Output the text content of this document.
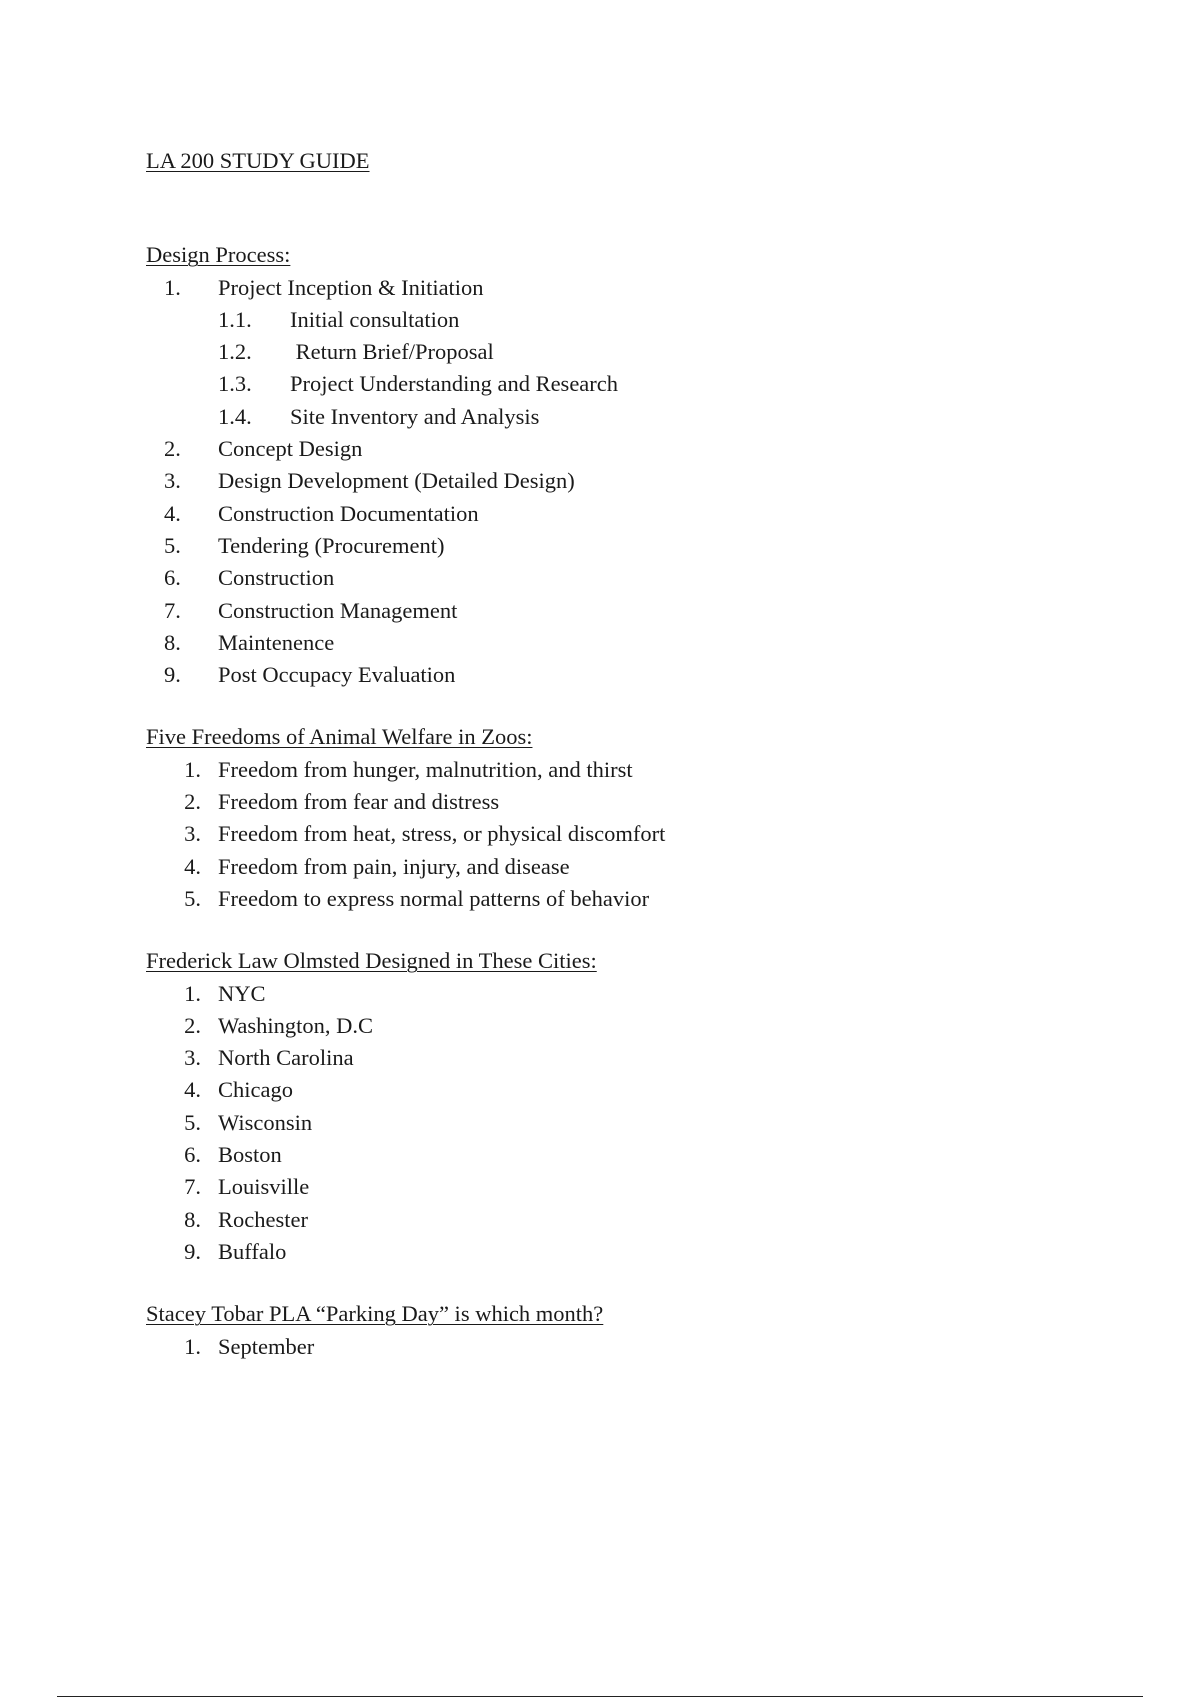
LA 200 STUDY GUIDE
Design Process:
1. Project Inception & Initiation
1.1. Initial consultation
1.2. Return Brief/Proposal
1.3. Project Understanding and Research
1.4. Site Inventory and Analysis
2. Concept Design
3. Design Development (Detailed Design)
4. Construction Documentation
5. Tendering (Procurement)
6. Construction
7. Construction Management
8. Maintenence
9. Post Occupacy Evaluation
Five Freedoms of Animal Welfare in Zoos:
1. Freedom from hunger, malnutrition, and thirst
2. Freedom from fear and distress
3. Freedom from heat, stress, or physical discomfort
4. Freedom from pain, injury, and disease
5. Freedom to express normal patterns of behavior
Frederick Law Olmsted Designed in These Cities:
1. NYC
2. Washington, D.C
3. North Carolina
4. Chicago
5. Wisconsin
6. Boston
7. Louisville
8. Rochester
9. Buffalo
Stacey Tobar PLA “Parking Day” is which month?
1. September
